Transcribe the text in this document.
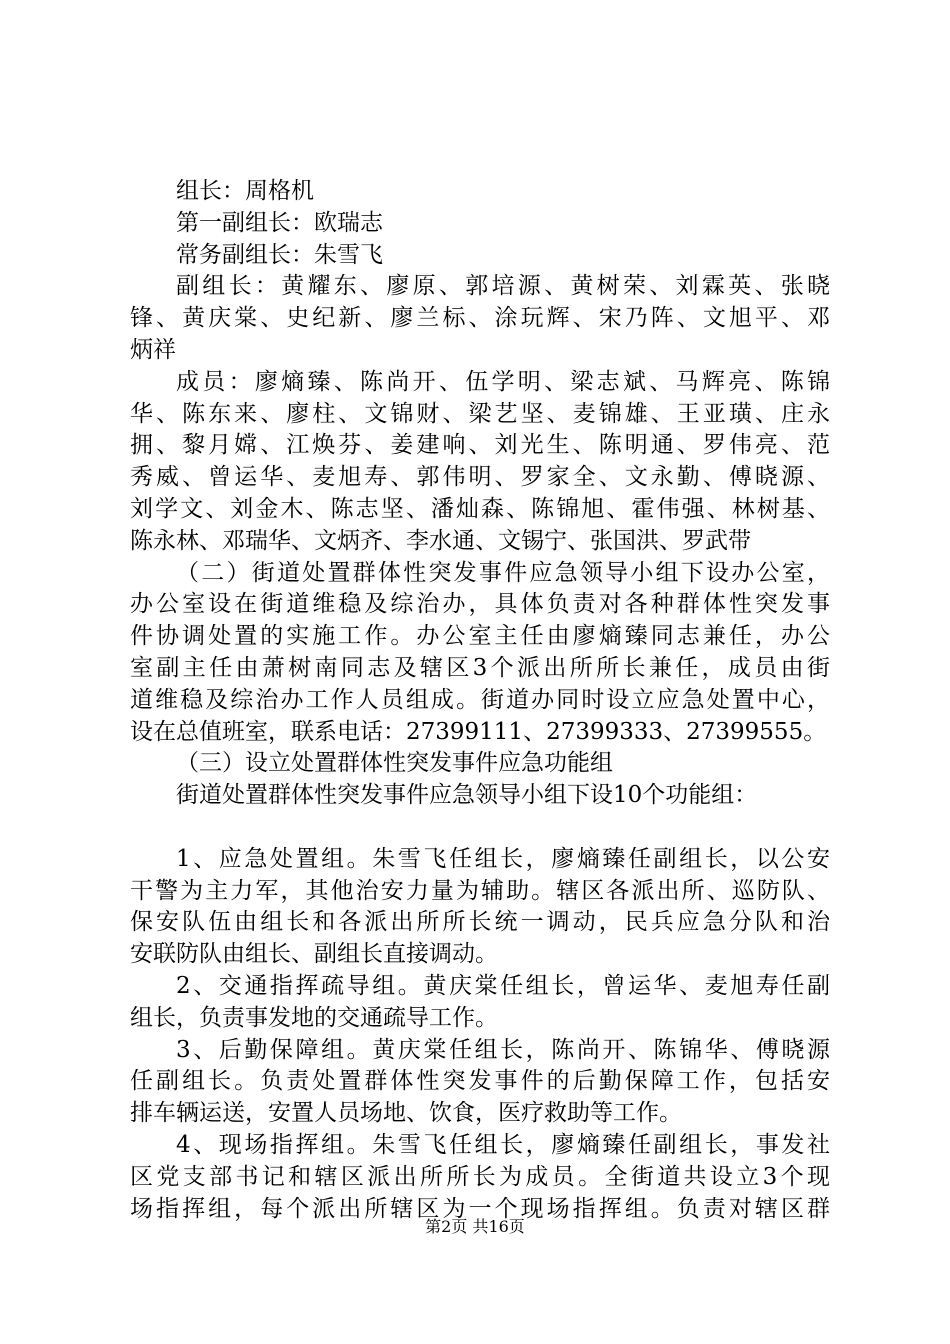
组长：周格机
第一副组长：欧瑞志
常务副组长：朱雪飞
副组长：黄耀东、廖原、郭培源、黄树荣、刘霖英、张晓
锋、黄庆棠、史纪新、廖兰标、涂玩辉、宋乃阵、文旭平、邓
炳祥
成员：廖熵臻、陈尚开、伍学明、梁志斌、马辉亮、陈锦
华、陈东来、廖柱、文锦财、梁艺坚、麦锦雄、王亚璜、庄永
拥、黎月嫦、江焕芬、姜建响、刘光生、陈明通、罗伟亮、范
秀威、曾运华、麦旭寿、郭伟明、罗家全、文永勤、傅晓源、
刘学文、刘金木、陈志坚、潘灿森、陈锦旭、霍伟强、林树基、
陈永林、邓瑞华、文炳齐、李水通、文锡宁、张国洪、罗武带
（二）街道处置群体性突发事件应急领导小组下设办公室，
办公室设在街道维稳及综治办，具体负责对各种群体性突发事
件协调处置的实施工作。办公室主任由廖熵臻同志兼任，办公
室副主任由萧树南同志及辖区3个派出所所长兼任，成员由街
道维稳及综治办工作人员组成。街道办同时设立应急处置中心，
设在总值班室，联系电话：27399111、27399333、27399555。
（三）设立处置群体性突发事件应急功能组
街道处置群体性突发事件应急领导小组下设10个功能组：
1、应急处置组。朱雪飞任组长，廖熵臻任副组长，以公安
干警为主力军，其他治安力量为辅助。辖区各派出所、巡防队、
保安队伍由组长和各派出所所长统一调动，民兵应急分队和治
安联防队由组长、副组长直接调动。
2、交通指挥疏导组。黄庆棠任组长，曾运华、麦旭寿任副
组长，负责事发地的交通疏导工作。
3、后勤保障组。黄庆棠任组长，陈尚开、陈锦华、傅晓源
任副组长。负责处置群体性突发事件的后勤保障工作，包括安
排车辆运送，安置人员场地、饮食，医疗救助等工作。
4、现场指挥组。朱雪飞任组长，廖熵臻任副组长，事发社
区党支部书记和辖区派出所所长为成员。全街道共设立3个现
场指挥组，每个派出所辖区为一个现场指挥组。负责对辖区群
第2页 共16页
